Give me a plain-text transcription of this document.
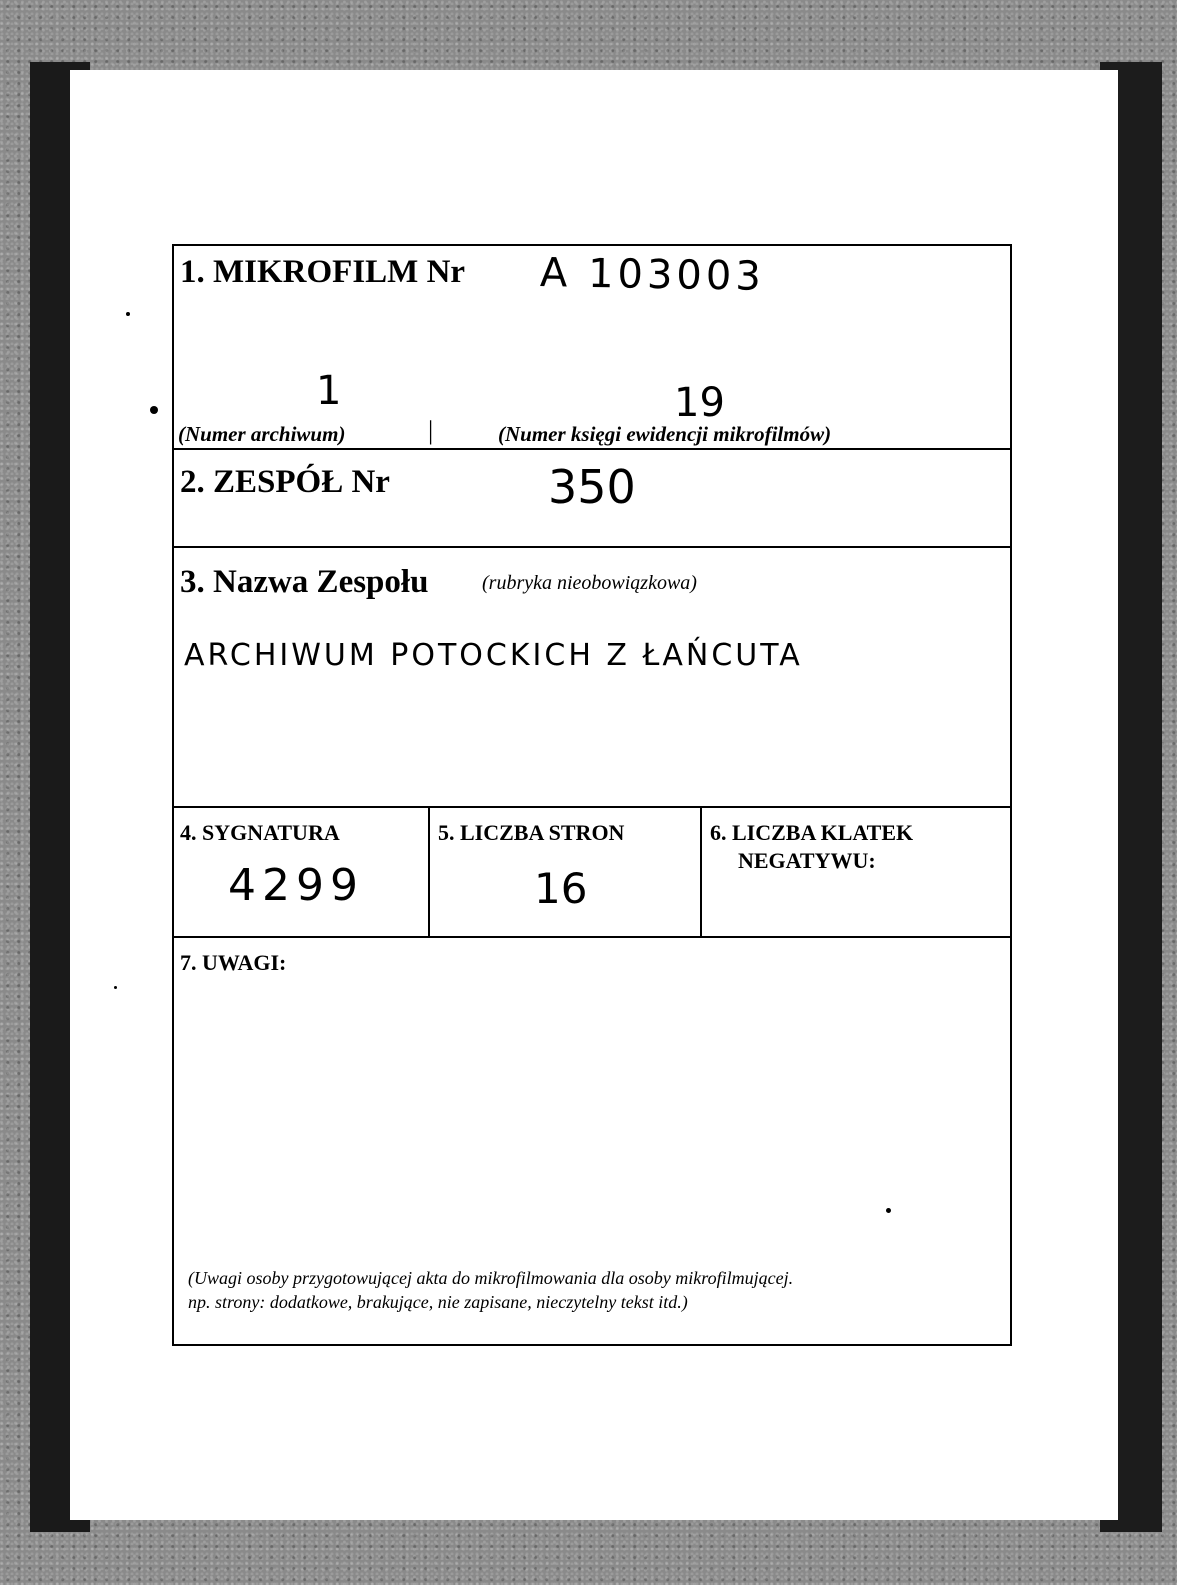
1. MIKROFILM Nr A 103003
1	19
(Numer archiwum)	|	(Numer księgi ewidencji mikrofilmów)
2. ZESPÓŁ Nr	350
3. Nazwa Zespołu	(rubryka nieobowiązkowa)
ARCHIWUM POTOCKICH Z ŁAŃCUTA
4. SYGNATURA
4299
5. LICZBA STRON
16
6. LICZBA KLATEK
NEGATYWU:
7. UWAGI:
(Uwagi osoby przygotowującej akta do mikrofilmowania dla osoby mikrofilmującej.
np. strony: dodatkowe, brakujące, nie zapisane, nieczytelny tekst itd.)
